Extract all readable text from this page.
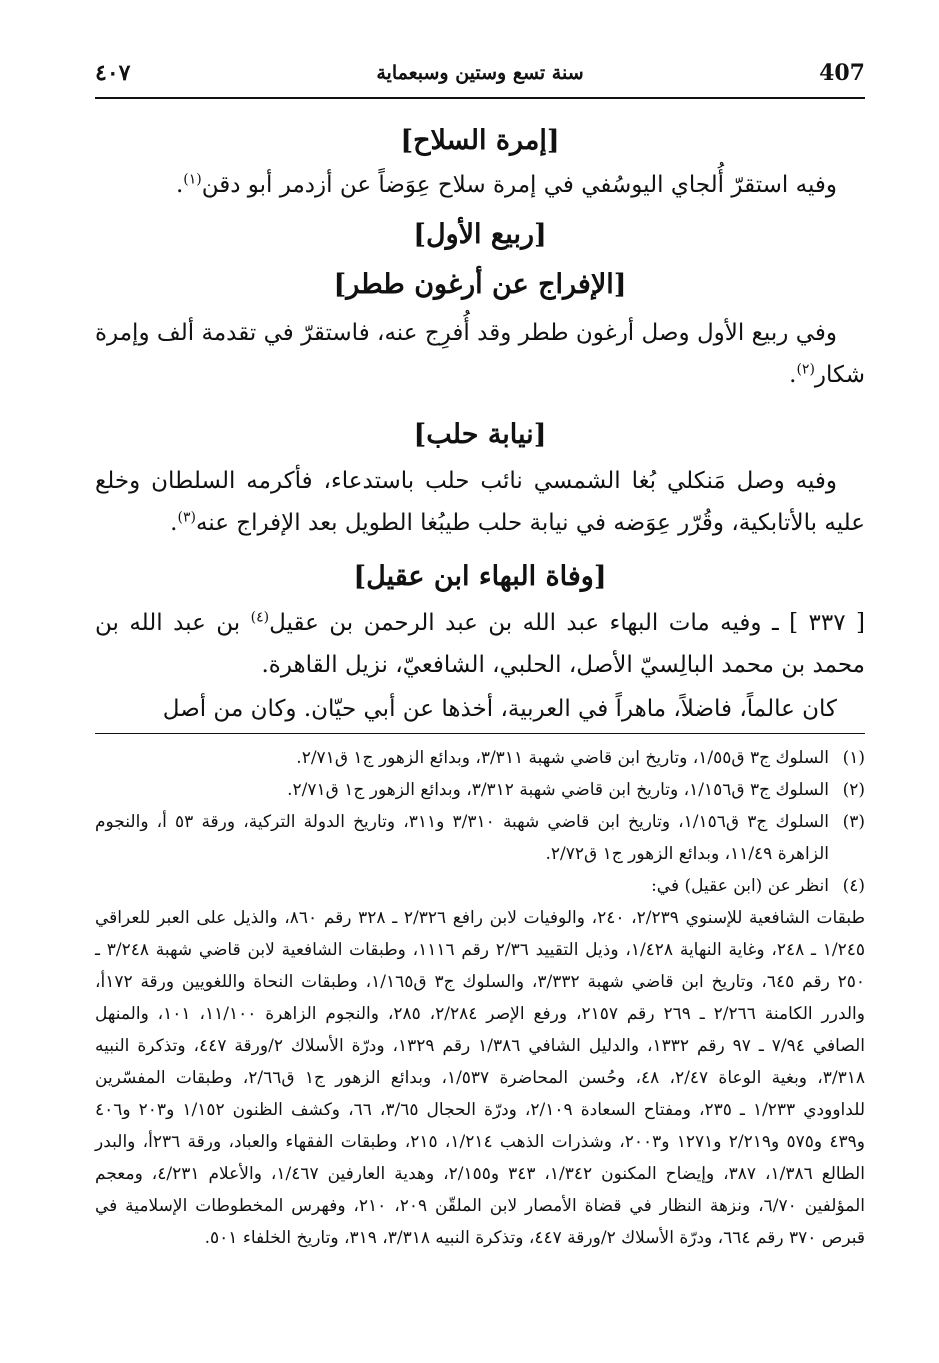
407
سنة تسع وستين وسبعماية
٤٠٧
[إمرة السلاح]

وفيه استقرّ أُلجاي اليوسُفي في إمرة سلاح عِوَضاً عن أزدمر أبو دقن$^{(١)}$.

[ربيع الأول]
[الإفراج عن أرغون ططر]

وفي ربيع الأول وصل أرغون ططر وقد أُفرِج عنه، فاستقرّ في تقدمة ألف وإمرة شكار$^{(٢)}$.

[نيابة حلب]

وفيه وصل مَنكلي بُغا الشمسي نائب حلب باستدعاء، فأكرمه السلطان وخلع عليه بالأتابكية، وقُرّر عِوَضه في نيابة حلب طيبُغا الطويل بعد الإفراج عنه$^{(٣)}$.

[وفاة البهاء ابن عقيل]

[ ٣٣٧ ] ـ وفيه مات البهاء عبد الله بن عبد الرحمن بن عقيل$^{(٤)}$ بن عبد الله بن محمد بن محمد البالِسيّ الأصل، الحلبي، الشافعيّ، نزيل القاهرة.

كان عالماً، فاضلاً، ماهراً في العربية، أخذها عن أبي حيّان. وكان من أصل

(١)
السلوك ج٣ ق١/٥٥، وتاريخ ابن قاضي شهبة ٣/٣١١، وبدائع الزهور ج١ ق٢/٧١.
(٢)
السلوك ج٣ ق١/١٥٦، وتاريخ ابن قاضي شهبة ٣/٣١٢، وبدائع الزهور ج١ ق٢/٧١.
(٣)
السلوك ج٣ ق١/١٥٦، وتاريخ ابن قاضي شهبة ٣/٣١٠ و٣١١، وتاريخ الدولة التركية، ورقة ٥٣ أ، والنجوم الزاهرة ١١/٤٩، وبدائع الزهور ج١ ق٢/٧٢.
(٤)
انظر عن (ابن عقيل) في:
طبقات الشافعية للإسنوي ٢/٢٣٩، ٢٤٠، والوفيات لابن رافع ٢/٣٢٦ ـ ٣٢٨ رقم ٨٦٠، والذيل على العبر للعراقي ١/٢٤٥ ـ ٢٤٨، وغاية النهاية ١/٤٢٨، وذيل التقييد ٢/٣٦ رقم ١١١٦، وطبقات الشافعية لابن قاضي شهبة ٣/٢٤٨ ـ ٢٥٠ رقم ٦٤٥، وتاريخ ابن قاضي شهبة ٣/٣٣٢، والسلوك ج٣ ق١/١٦٥، وطبقات النحاة واللغويين ورقة ١٧٢أ، والدرر الكامنة ٢/٢٦٦ ـ ٢٦٩ رقم ٢١٥٧، ورفع الإصر ٢/٢٨٤، ٢٨٥، والنجوم الزاهرة ١١/١٠٠، ١٠١، والمنهل الصافي ٧/٩٤ ـ ٩٧ رقم ١٣٣٢، والدليل الشافي ١/٣٨٦ رقم ١٣٢٩، ودرّة الأسلاك ٢/ورقة ٤٤٧، وتذكرة النبيه ٣/٣١٨، وبغية الوعاة ٢/٤٧، ٤٨، وحُسن المحاضرة ١/٥٣٧، وبدائع الزهور ج١ ق٢/٦٦، وطبقات المفسّرين للداوودي ١/٢٣٣ ـ ٢٣٥، ومفتاح السعادة ٢/١٠٩، ودرّة الحجال ٣/٦٥، ٦٦، وكشف الظنون ١/١٥٢ و٢٠٣ و٤٠٦ و٤٣٩ و٥٧٥ و٢/٢١٩ و١٢٧١ و٢٠٠٣، وشذرات الذهب ١/٢١٤، ٢١٥، وطبقات الفقهاء والعباد، ورقة ٢٣٦أ، والبدر الطالع ١/٣٨٦، ٣٨٧، وإيضاح المكنون ١/٣٤٢، ٣٤٣ و٢/١٥٥، وهدية العارفين ١/٤٦٧، والأعلام ٤/٢٣١، ومعجم المؤلفين ٦/٧٠، ونزهة النظار في قضاة الأمصار لابن الملقّن ٢٠٩، ٢١٠، وفهرس المخطوطات الإسلامية في قبرص ٣٧٠ رقم ٦٦٤، ودرّة الأسلاك ٢/ورقة ٤٤٧، وتذكرة النبيه ٣/٣١٨، ٣١٩، وتاريخ الخلفاء ٥٠١.
